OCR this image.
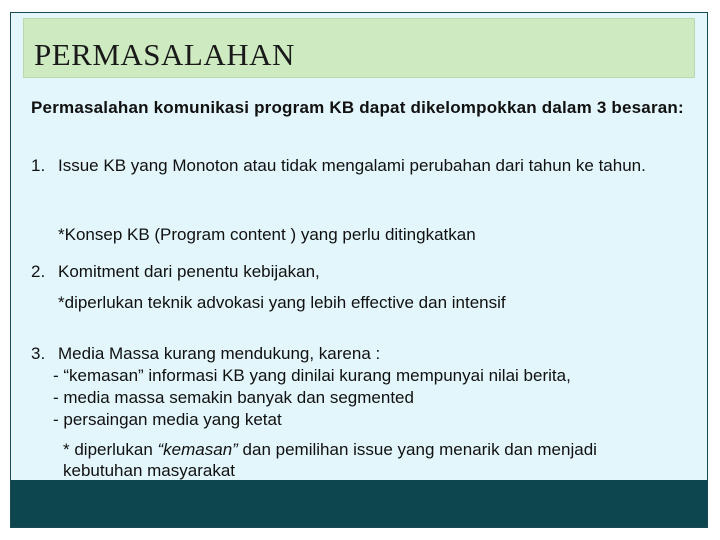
PERMASALAHAN

Permasalahan komunikasi program KB dapat dikelompokkan dalam 3 besaran:

1. Issue KB yang Monoton atau tidak mengalami perubahan dari tahun ke tahun.
*Konsep KB (Program content ) yang perlu ditingkatkan
2. Komitment dari penentu kebijakan,
*diperlukan teknik advokasi yang lebih effective dan intensif
3. Media Massa kurang mendukung, karena :
- “kemasan” informasi KB yang dinilai kurang mempunyai nilai berita,
- media massa semakin banyak dan segmented
- persaingan media yang ketat
* diperlukan “kemasan” dan pemilihan issue yang menarik dan menjadi kebutuhan masyarakat
